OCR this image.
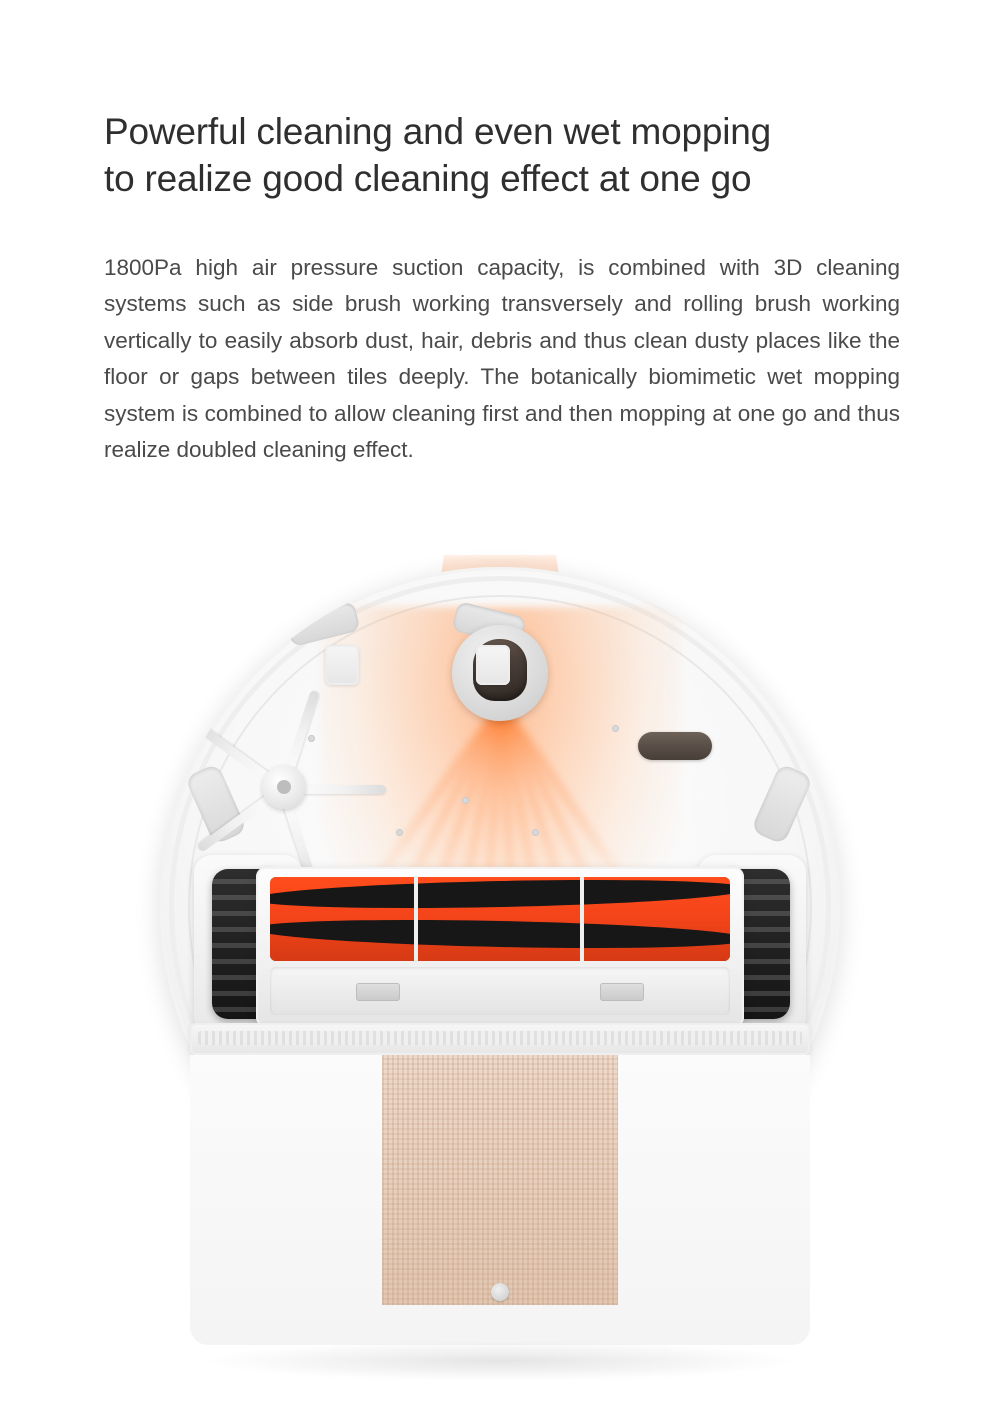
Powerful cleaning and even wet mopping
to realize good cleaning effect at one go

1800Pa high air pressure suction capacity, is combined with 3D cleaning systems such as side brush working transversely and rolling brush working vertically to easily absorb dust, hair, debris and thus clean dusty places like the floor or gaps between tiles deeply. The botanically biomimetic wet mopping system is combined to allow cleaning first and then mopping at one go and thus realize doubled cleaning effect.
